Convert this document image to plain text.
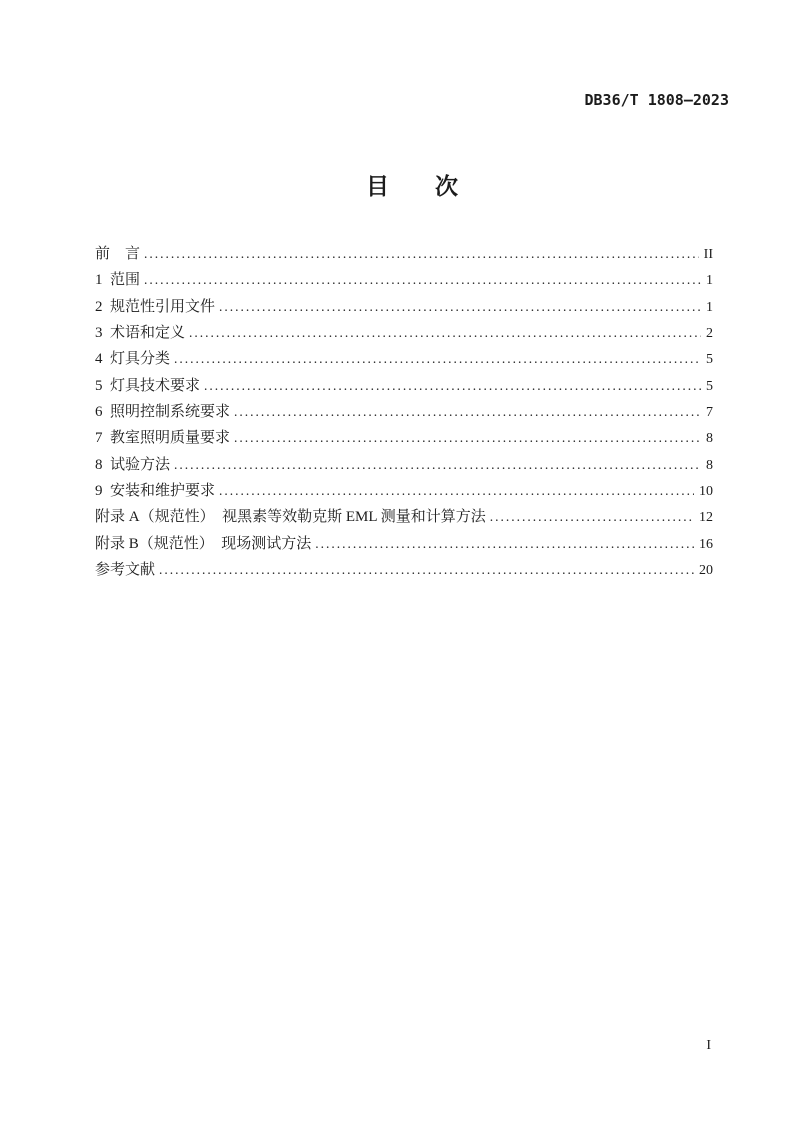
DB36/T 1808—2023
目　　次
前　言 .....	II
1  范围 .....	1
2  规范性引用文件 .....	1
3  术语和定义 .....	2
4  灯具分类 .....	5
5  灯具技术要求 .....	5
6  照明控制系统要求 .....	7
7  教室照明质量要求 .....	8
8  试验方法 .....	8
9  安装和维护要求 .....	10
附录 A（规范性）　视黑素等效勒克斯 EML 测量和计算方法 .....	12
附录 B（规范性）　现场测试方法 .....	16
参考文献 .....	20
I
